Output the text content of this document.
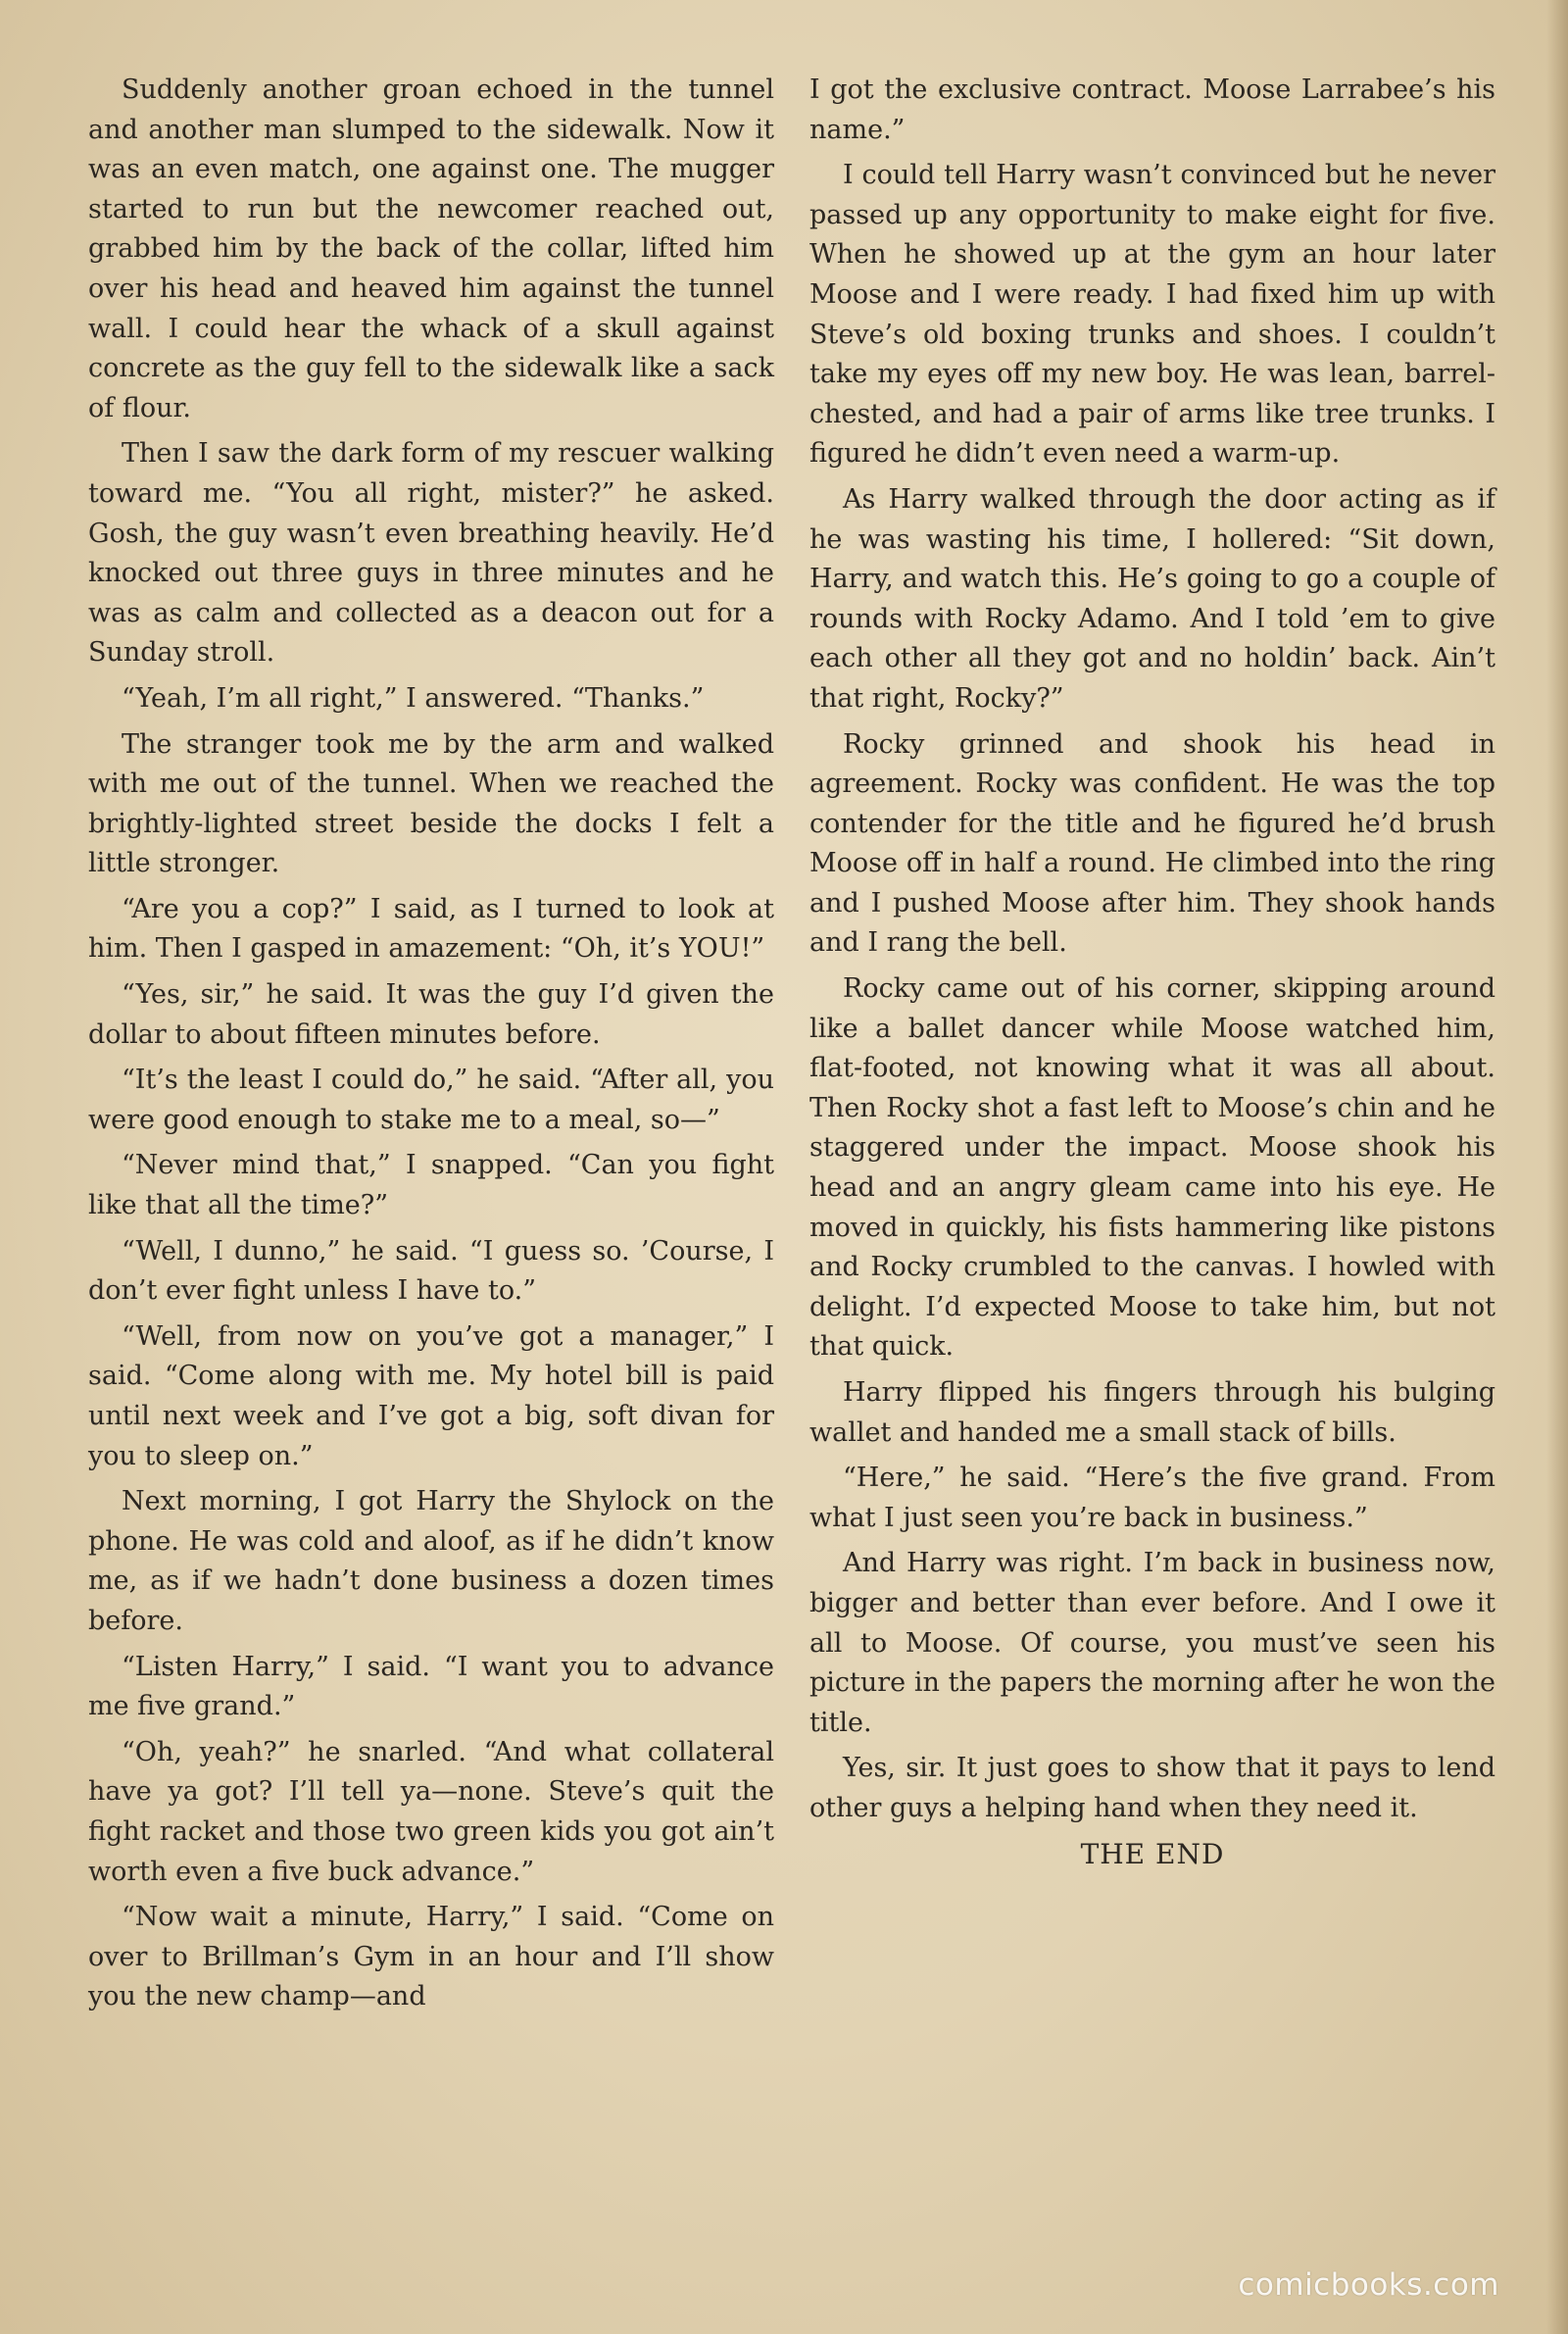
Suddenly another groan echoed in the tunnel and another man slumped to the sidewalk. Now it was an even match, one against one. The mugger started to run but the newcomer reached out, grabbed him by the back of the collar, lifted him over his head and heaved him against the tunnel wall. I could hear the whack of a skull against concrete as the guy fell to the sidewalk like a sack of flour.

Then I saw the dark form of my rescuer walking toward me. “You all right, mister?” he asked. Gosh, the guy wasn’t even breathing heavily. He’d knocked out three guys in three minutes and he was as calm and collected as a deacon out for a Sunday stroll.

“Yeah, I’m all right,” I answered. “Thanks.”

The stranger took me by the arm and walked with me out of the tunnel. When we reached the brightly-lighted street beside the docks I felt a little stronger.

“Are you a cop?” I said, as I turned to look at him. Then I gasped in amazement: “Oh, it’s YOU!”

“Yes, sir,” he said. It was the guy I’d given the dollar to about fifteen minutes before.

“It’s the least I could do,” he said. “After all, you were good enough to stake me to a meal, so—”

“Never mind that,” I snapped. “Can you fight like that all the time?”

“Well, I dunno,” he said. “I guess so. ’Course, I don’t ever fight unless I have to.”

“Well, from now on you’ve got a manager,” I said. “Come along with me. My hotel bill is paid until next week and I’ve got a big, soft divan for you to sleep on.”

Next morning, I got Harry the Shylock on the phone. He was cold and aloof, as if he didn’t know me, as if we hadn’t done business a dozen times before.

“Listen Harry,” I said. “I want you to advance me five grand.”

“Oh, yeah?” he snarled. “And what collateral have ya got? I’ll tell ya—none. Steve’s quit the fight racket and those two green kids you got ain’t worth even a five buck advance.”

“Now wait a minute, Harry,” I said. “Come on over to Brillman’s Gym in an hour and I’ll show you the new champ—and

I got the exclusive contract. Moose Larrabee’s his name.”

I could tell Harry wasn’t convinced but he never passed up any opportunity to make eight for five. When he showed up at the gym an hour later Moose and I were ready. I had fixed him up with Steve’s old boxing trunks and shoes. I couldn’t take my eyes off my new boy. He was lean, barrel-chested, and had a pair of arms like tree trunks. I figured he didn’t even need a warm-up.

As Harry walked through the door acting as if he was wasting his time, I hollered: “Sit down, Harry, and watch this. He’s going to go a couple of rounds with Rocky Adamo. And I told ’em to give each other all they got and no holdin’ back. Ain’t that right, Rocky?”

Rocky grinned and shook his head in agreement. Rocky was confident. He was the top contender for the title and he figured he’d brush Moose off in half a round. He climbed into the ring and I pushed Moose after him. They shook hands and I rang the bell.

Rocky came out of his corner, skipping around like a ballet dancer while Moose watched him, flat-footed, not knowing what it was all about. Then Rocky shot a fast left to Moose’s chin and he staggered under the impact. Moose shook his head and an angry gleam came into his eye. He moved in quickly, his fists hammering like pistons and Rocky crumbled to the canvas. I howled with delight. I’d expected Moose to take him, but not that quick.

Harry flipped his fingers through his bulging wallet and handed me a small stack of bills.

“Here,” he said. “Here’s the five grand. From what I just seen you’re back in business.”

And Harry was right. I’m back in business now, bigger and better than ever before. And I owe it all to Moose. Of course, you must’ve seen his picture in the papers the morning after he won the title.

Yes, sir. It just goes to show that it pays to lend other guys a helping hand when they need it.

THE END

comicbooks.com
